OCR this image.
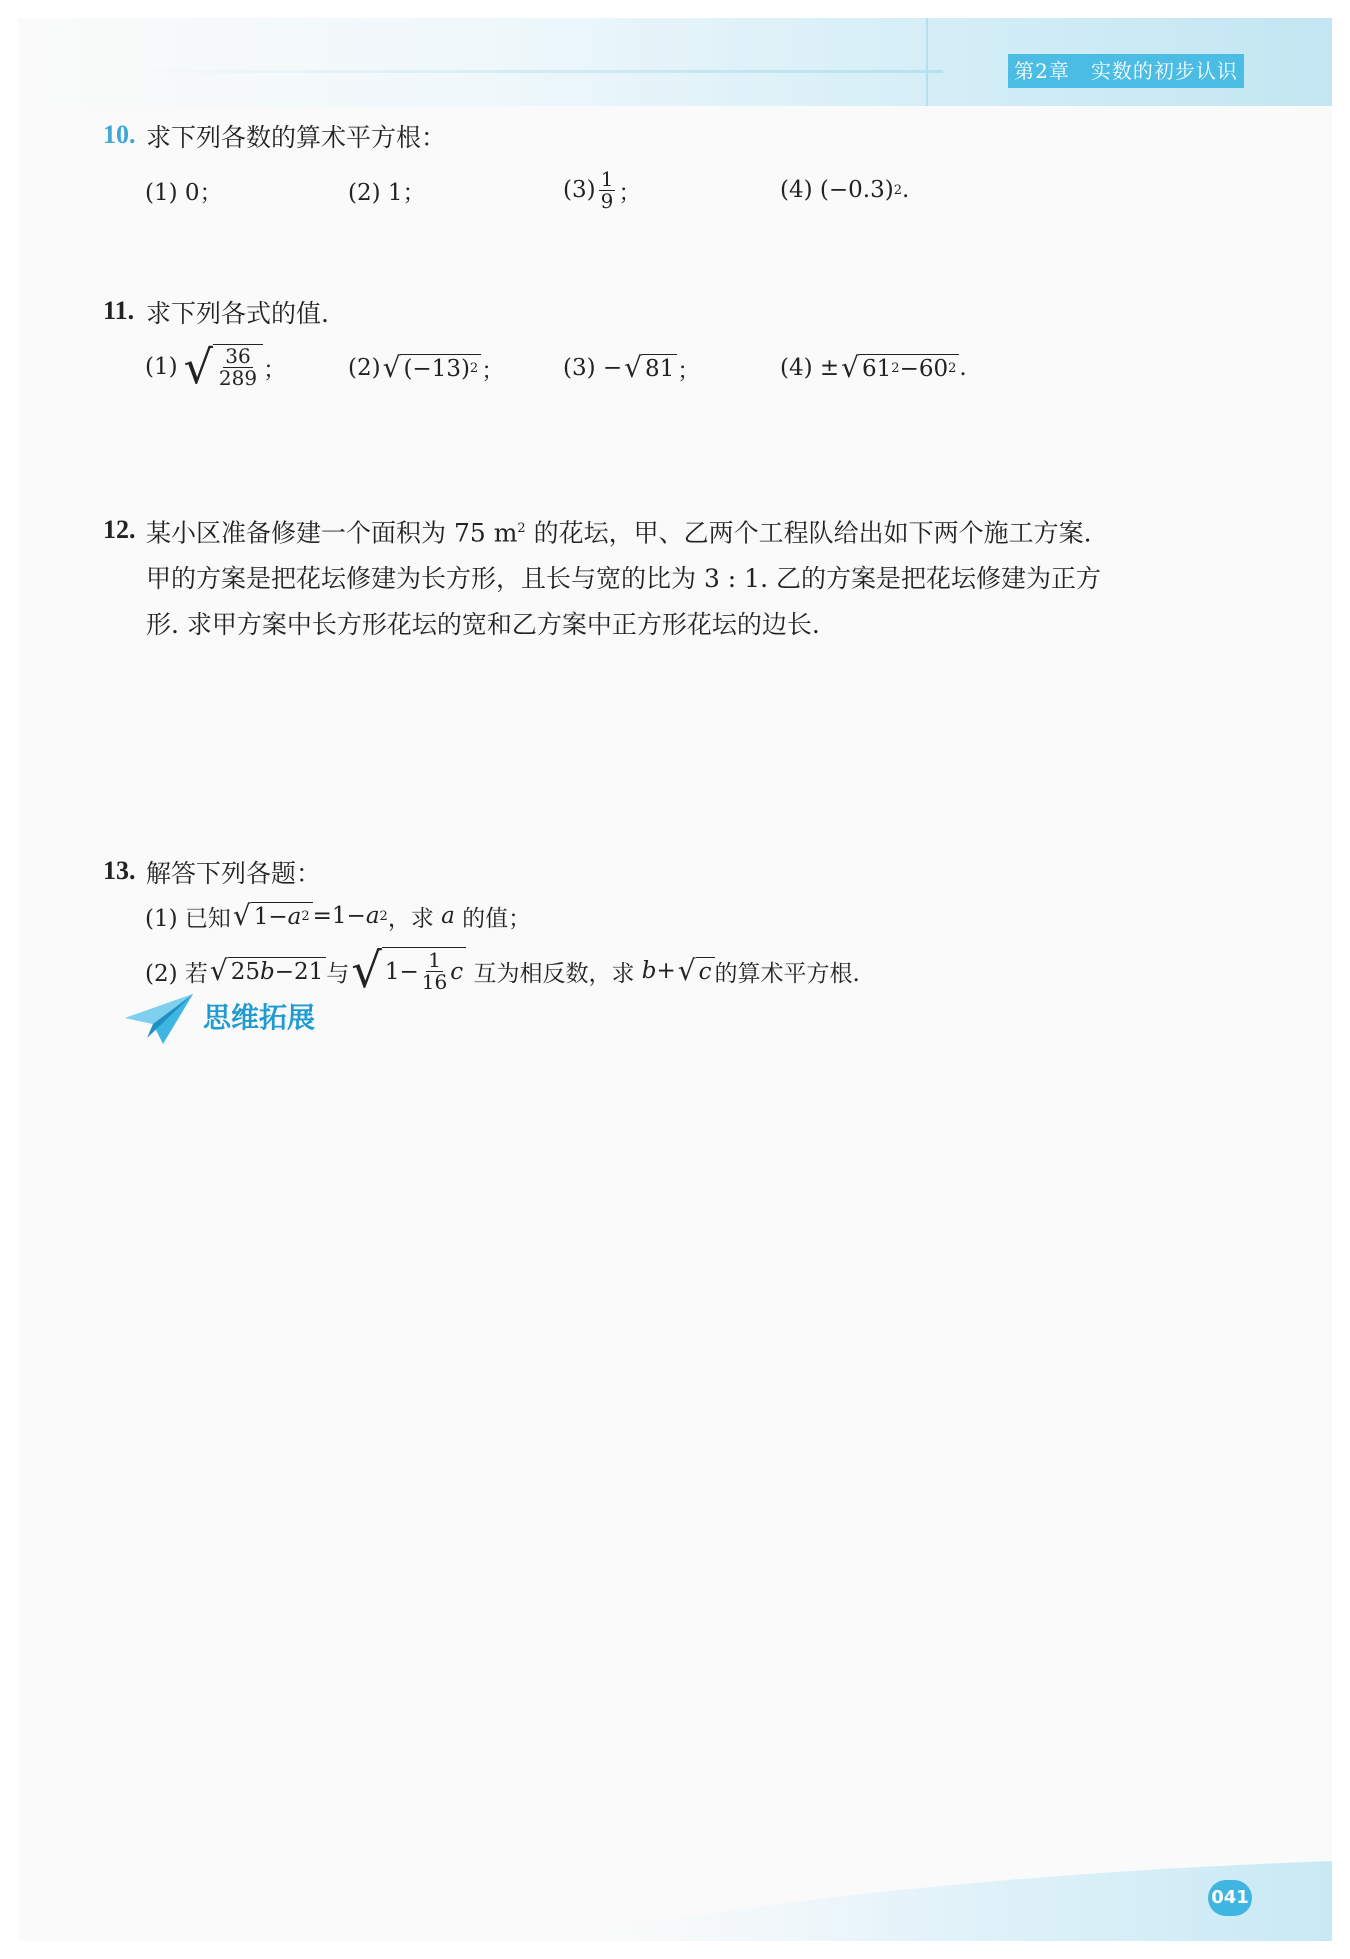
第2章　实数的初步认识
10. 求下列各数的算术平方根：
(1) 0；	(2) 1；	$(3) \frac{1}{9}$ ；	(4) (−0.3) 2 .
11. 求下列各式的值.
(1) √ $\frac{36}{289}$ ；	(2) √ (−13) 2 ；	(3) − √ 81 ；	(4) ± √ 61 2 −60 2 .
12. 某小区准备修建一个面积为 75 $m^2$ 的花坛，甲、乙两个工程队给出如下两个施工方案.
甲的方案是把花坛修建为长方形，且长与宽的比为 3 : 1. 乙的方案是把花坛修建为正方
形. 求甲方案中长方形花坛的宽和乙方案中正方形花坛的边长.
思维拓展
13. 解答下列各题：
(1) 已知 √ 1− a 2 =1− a 2 ，求
a
的值；
(2) 若 √ 25 b −21 与 √ $1- \frac{1}{16}$ c
互为相反数，求
b + √ c 的算术平方根.
041
